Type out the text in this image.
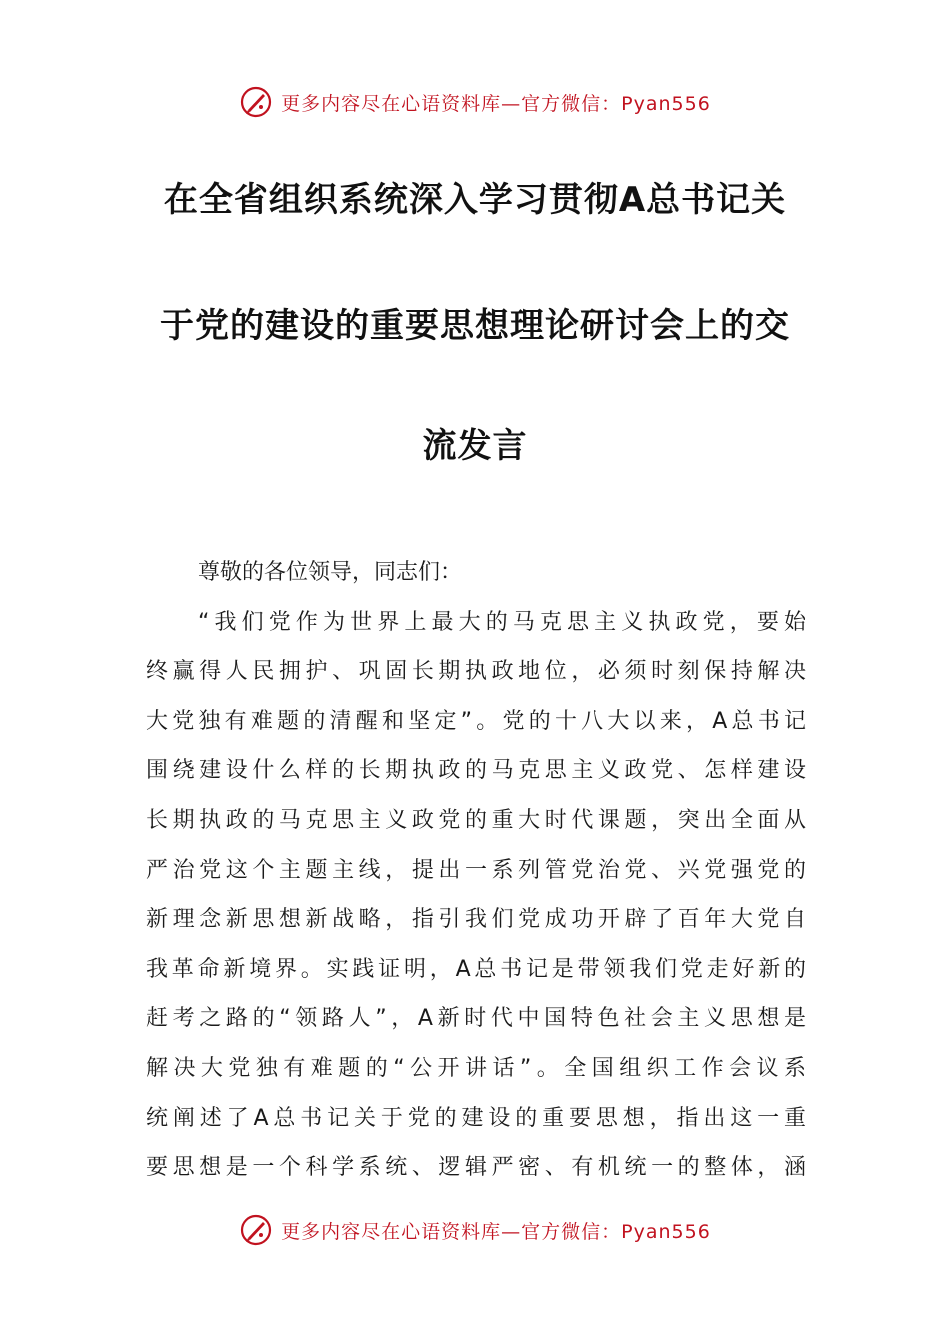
更多内容尽在心语资料库—官方微信：Pyan556
在全省组织系统深入学习贯彻A总书记关
于党的建设的重要思想理论研讨会上的交
流发言
尊敬的各位领导，同志们：
“我们党作为世界上最大的马克思主义执政党，要始
终赢得人民拥护、巩固长期执政地位，必须时刻保持解决
大党独有难题的清醒和坚定”。党的十八大以来，A总书记
围绕建设什么样的长期执政的马克思主义政党、怎样建设
长期执政的马克思主义政党的重大时代课题，突出全面从
严治党这个主题主线，提出一系列管党治党、兴党强党的
新理念新思想新战略，指引我们党成功开辟了百年大党自
我革命新境界。实践证明，A总书记是带领我们党走好新的
赶考之路的“领路人”，A新时代中国特色社会主义思想是
解决大党独有难题的“公开讲话”。全国组织工作会议系
统阐述了A总书记关于党的建设的重要思想，指出这一重
要思想是一个科学系统、逻辑严密、有机统一的整体，涵
更多内容尽在心语资料库—官方微信：Pyan556
